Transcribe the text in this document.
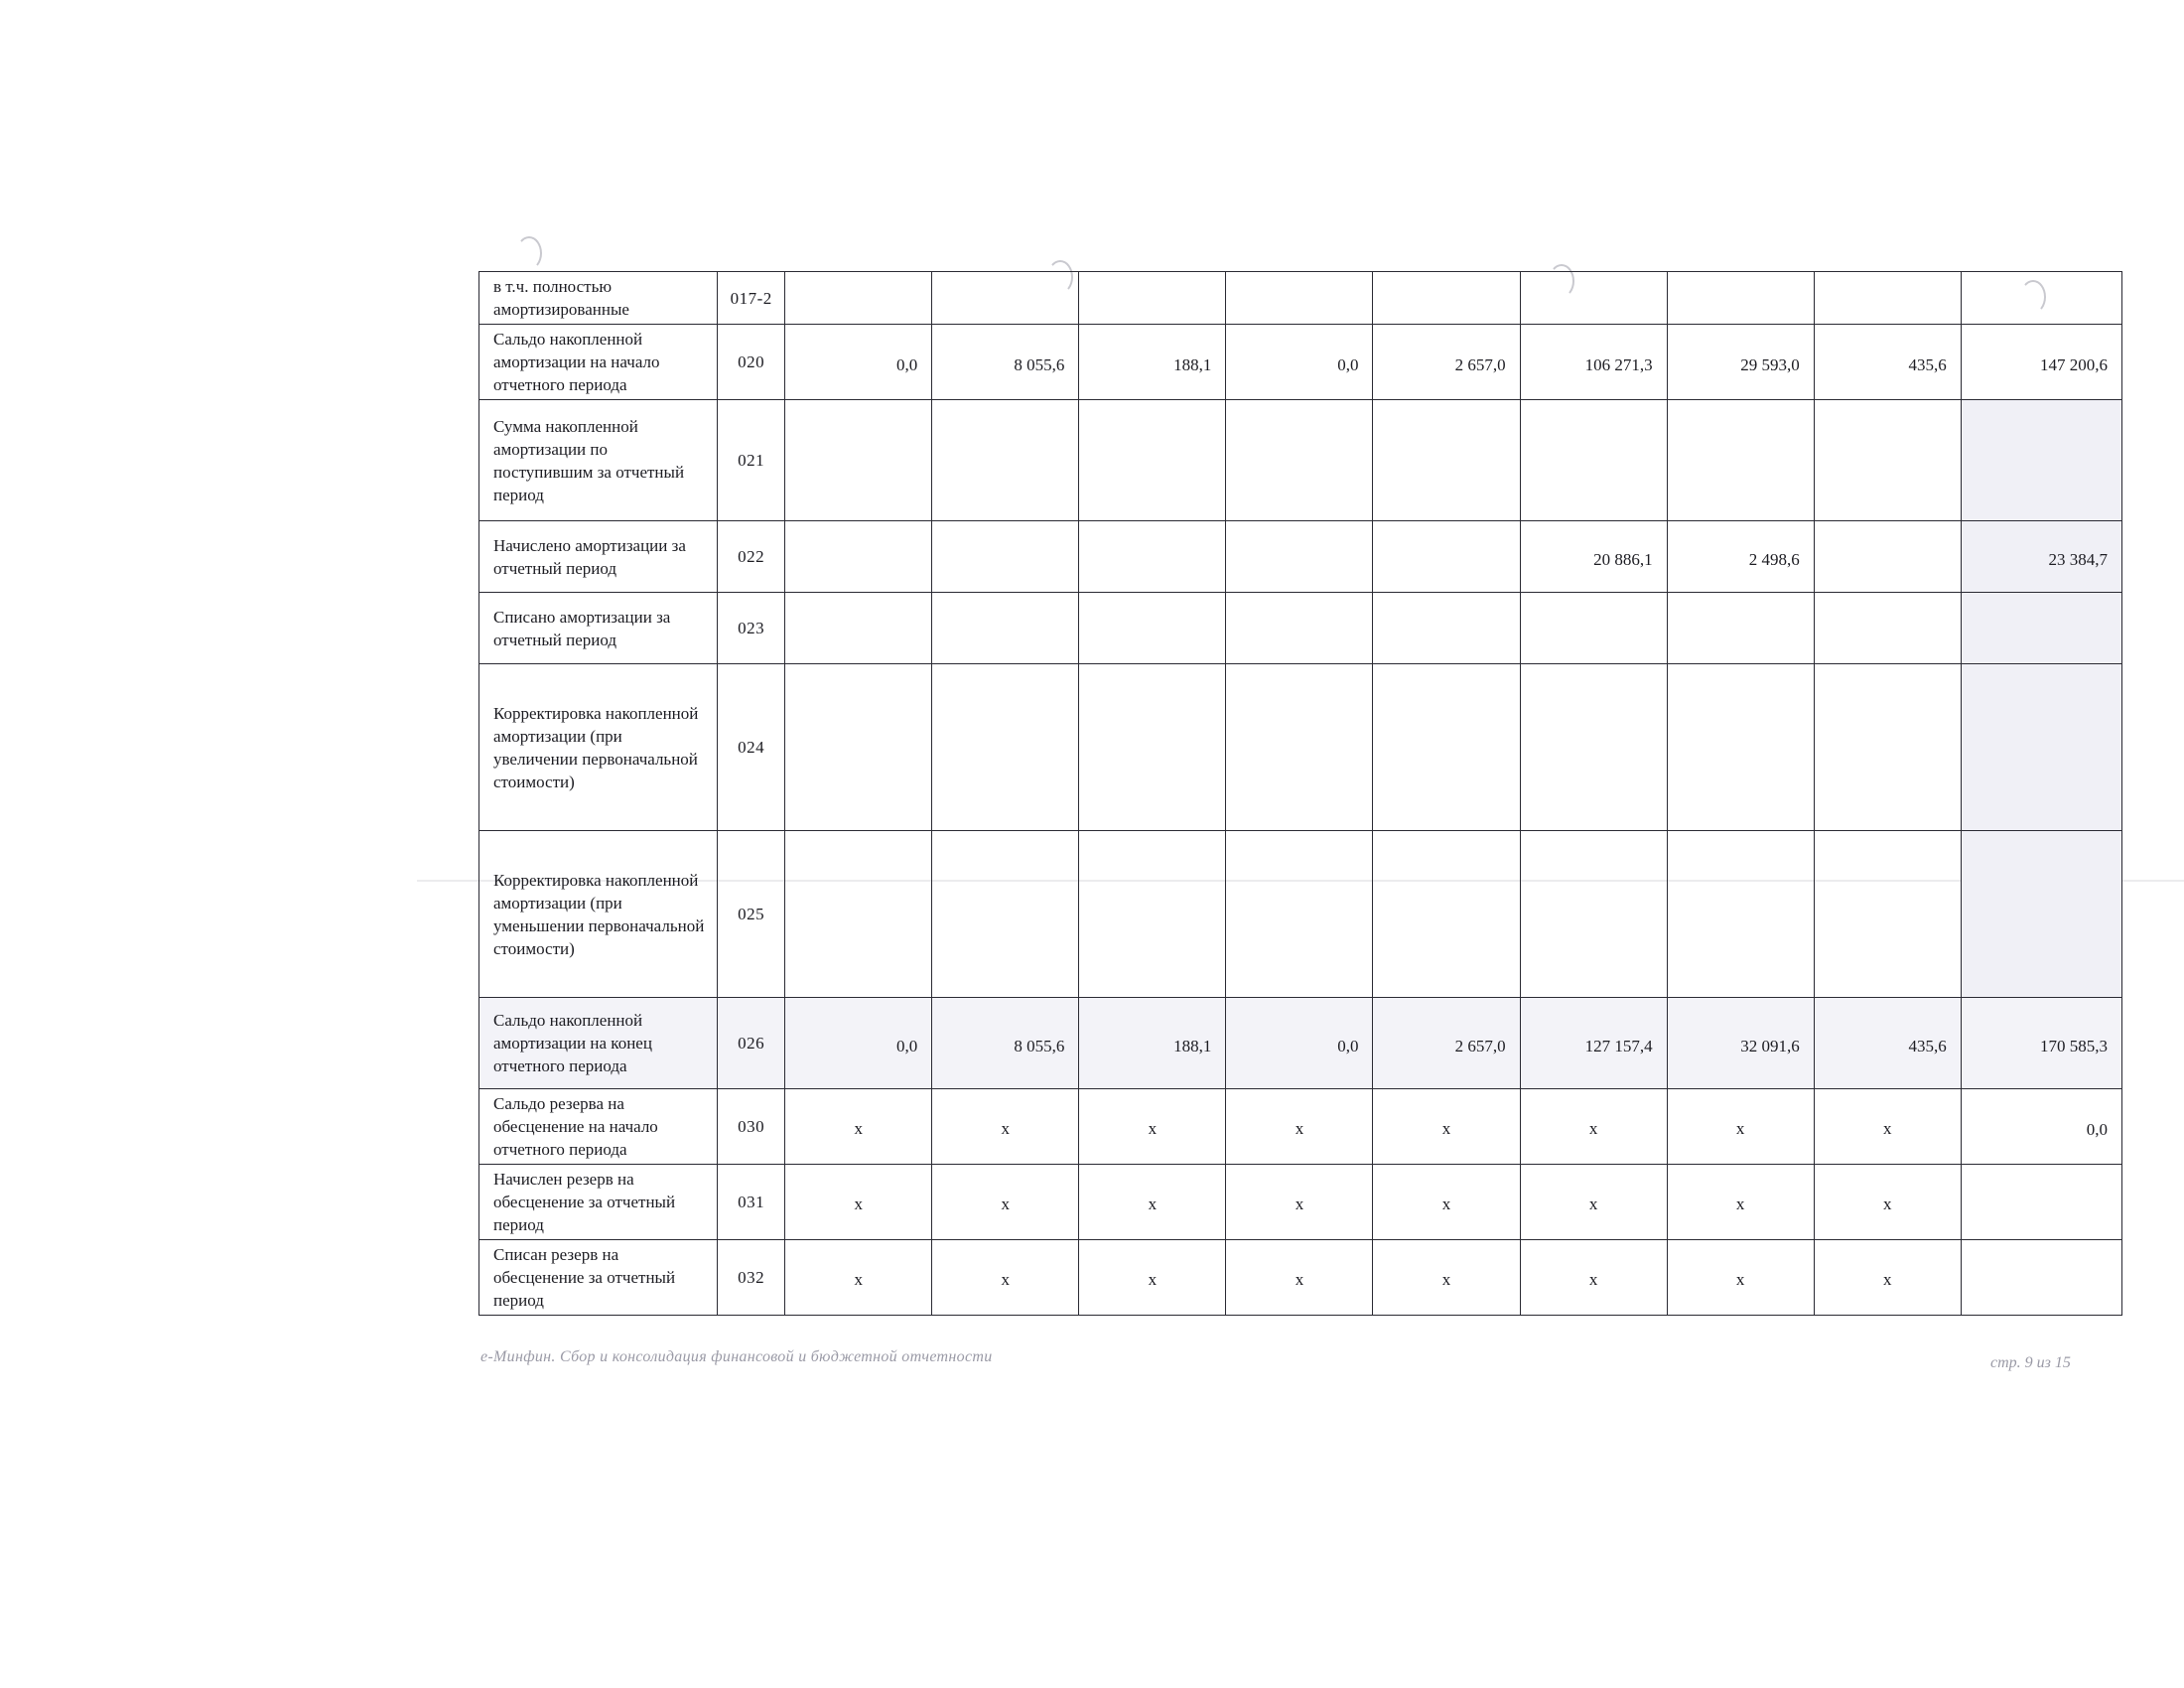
в т.ч. полностью амортизированные	017-2									
Сальдо накопленной амортизации на начало отчетного периода	020	0,0	8 055,6	188,1	0,0	2 657,0	106 271,3	29 593,0	435,6	147 200,6
Сумма накопленной амортизации по поступившим за отчетный период	021									
Начислено амортизации за отчетный период	022						20 886,1	2 498,6		23 384,7
Списано амортизации за отчетный период	023									
Корректировка накопленной амортизации (при увеличении первоначальной стоимости)	024									
Корректировка накопленной амортизации (при уменьшении первоначальной стоимости)	025									
Сальдо накопленной амортизации на конец отчетного периода	026	0,0	8 055,6	188,1	0,0	2 657,0	127 157,4	32 091,6	435,6	170 585,3
Сальдо резерва на обесценение на начало отчетного периода	030	x	x	x	x	x	x	x	x	0,0
Начислен резерв на обесценение за отчетный период	031	x	x	x	x	x	x	x	x	
Списан резерв на обесценение за отчетный период	032	x	x	x	x	x	x	x	x	
e-Минфин. Сбор и консолидация финансовой и бюджетной отчетности	стр. 9 из 15
